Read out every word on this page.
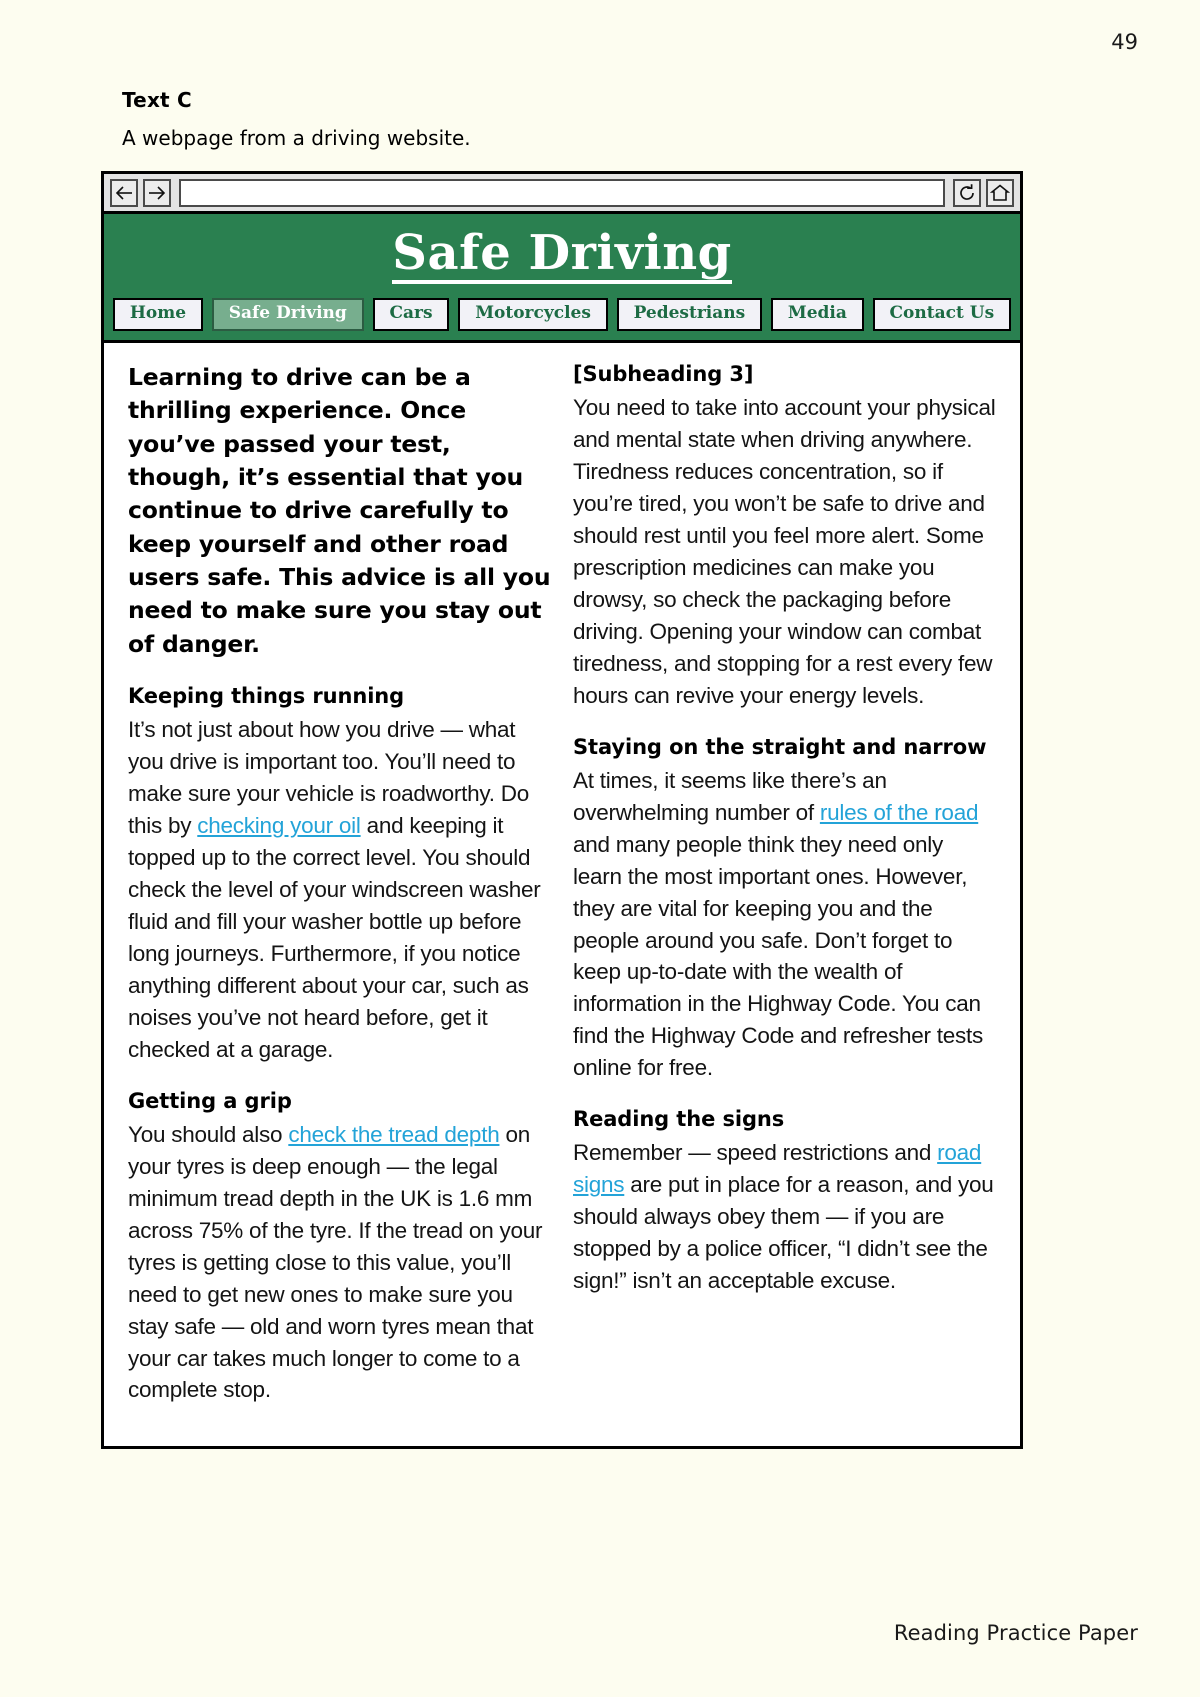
49
Text C
A webpage from a driving website.
Safe Driving
Home	Safe Driving	Cars	Motorcycles	Pedestrians	Media	Contact Us

Learning to drive can be a thrilling experience. Once you’ve passed your test, though, it’s essential that you continue to drive carefully to keep yourself and other road users safe. This advice is all you need to make sure you stay out of danger.

Keeping things running

It’s not just about how you drive — what you drive is important too. You’ll need to make sure your vehicle is roadworthy. Do this by checking your oil and keeping it topped up to the correct level. You should check the level of your windscreen washer fluid and fill your washer bottle up before long journeys. Furthermore, if you notice anything different about your car, such as noises you’ve not heard before, get it checked at a garage.

Getting a grip

You should also check the tread depth on your tyres is deep enough — the legal minimum tread depth in the UK is 1.6 mm across 75% of the tyre. If the tread on your tyres is getting close to this value, you’ll need to get new ones to make sure you stay safe — old and worn tyres mean that your car takes much longer to come to a complete stop.

[Subheading 3]

You need to take into account your physical and mental state when driving anywhere. Tiredness reduces concentration, so if you’re tired, you won’t be safe to drive and should rest until you feel more alert. Some prescription medicines can make you drowsy, so check the packaging before driving. Opening your window can combat tiredness, and stopping for a rest every few hours can revive your energy levels.

Staying on the straight and narrow

At times, it seems like there’s an overwhelming number of rules of the road and many people think they need only learn the most important ones. However, they are vital for keeping you and the people around you safe. Don’t forget to keep up-to-date with the wealth of information in the Highway Code. You can find the Highway Code and refresher tests online for free.

Reading the signs

Remember — speed restrictions and road signs are put in place for a reason, and you should always obey them — if you are stopped by a police officer, “I didn’t see the sign!” isn’t an acceptable excuse.

Reading Practice Paper
